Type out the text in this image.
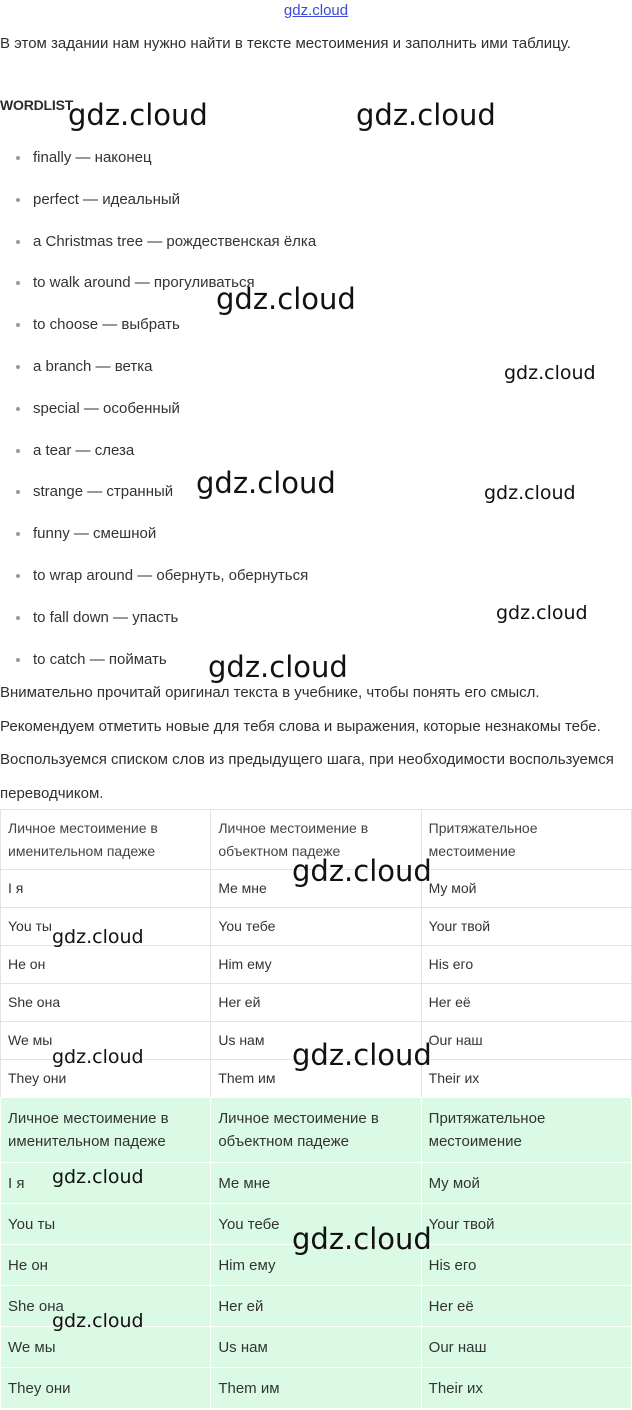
gdz.cloud
В этом задании нам нужно найти в тексте местоимения и заполнить ими таблицу.
WORDLIST
finally — наконец
perfect — идеальный
a Christmas tree — рождественская ёлка
to walk around — прогуливаться
to choose — выбрать
a branch — ветка
special — особенный
a tear — слеза
strange — странный
funny — смешной
to wrap around — обернуть, обернуться
to fall down — упасть
to catch — поймать
Внимательно прочитай оригинал текста в учебнике, чтобы понять его смысл. Рекомендуем отметить новые для тебя слова и выражения, которые незнакомы тебе. Воспользуемся списком слов из предыдущего шага, при необходимости воспользуемся переводчиком.
Личное местоимение в именительном падеже	Личное местоимение в объектном падеже	Притяжательное местоимение
I я	Me мне	My мой
You ты	You тебе	Your твой
He он	Him ему	His его
She она	Her ей	Her её
We мы	Us нам	Our наш
They они	Them им	Their их
Личное местоимение в именительном падеже	Личное местоимение в объектном падеже	Притяжательное местоимение
I я	Me мне	My мой
You ты	You тебе	Your твой
He он	Him ему	His его
She она	Her ей	Her её
We мы	Us нам	Our наш
They они	Them им	Their их
gdz.cloud	gdz.cloud
gdz.cloud
gdz.cloud
gdz.cloud	gdz.cloud
gdz.cloud
gdz.cloud
gdz.cloud
gdz.cloud
gdz.cloud	gdz.cloud
gdz.cloud
gdz.cloud
gdz.cloud
